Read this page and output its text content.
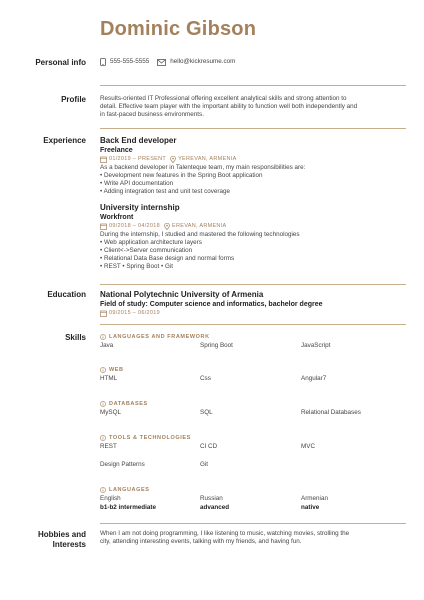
Dominic Gibson
Personal info	555-555-5555	hello@kickresume.com
Profile Results-oriented IT Professional offering excellent analytical skills and strong attention to
detail. Effective team player with the important ability to function well both independently and
in fast-paced business environments.
Experience Back End developer
Freelance
01/2019 – PRESENT YEREVAN, ARMENIA
As a backend developer in Talenteque team, my main responsibilities are:
• Development new features in the Spring Boot application
• Write API documentation
• Adding integration test and unit test coverage
University internship
Workfront
09/2018 – 04/2018 EREVAN, ARMENIA
During the internship, I studied and mastered the following technologies
• Web application architecture layers
• Client<->Server communication
• Relational Data Base design and normal forms
• REST • Spring Boot • Git
Education National Polytechnic University of Armenia
Field of study: Computer science and informatics, bachelor degree
09/2015 – 06/2019
Skills	LANGUAGES AND FRAMEWORK
Java	Spring Boot	JavaScript
WEB
HTML	Css	Angular7
DATABASES
MySQL	SQL	Relational Databases
TOOLS & TECHNOLOGIES
REST	CI CD	MVC
Design Patterns	Git
LANGUAGES
English	Russian	Armenian
b1-b2 intermediate	advanced	native
Hobbies and
Interests
When I am not doing programming, I like listening to music, watching movies, strolling the
city, attending interesting events, talking with my friends, and having fun.
